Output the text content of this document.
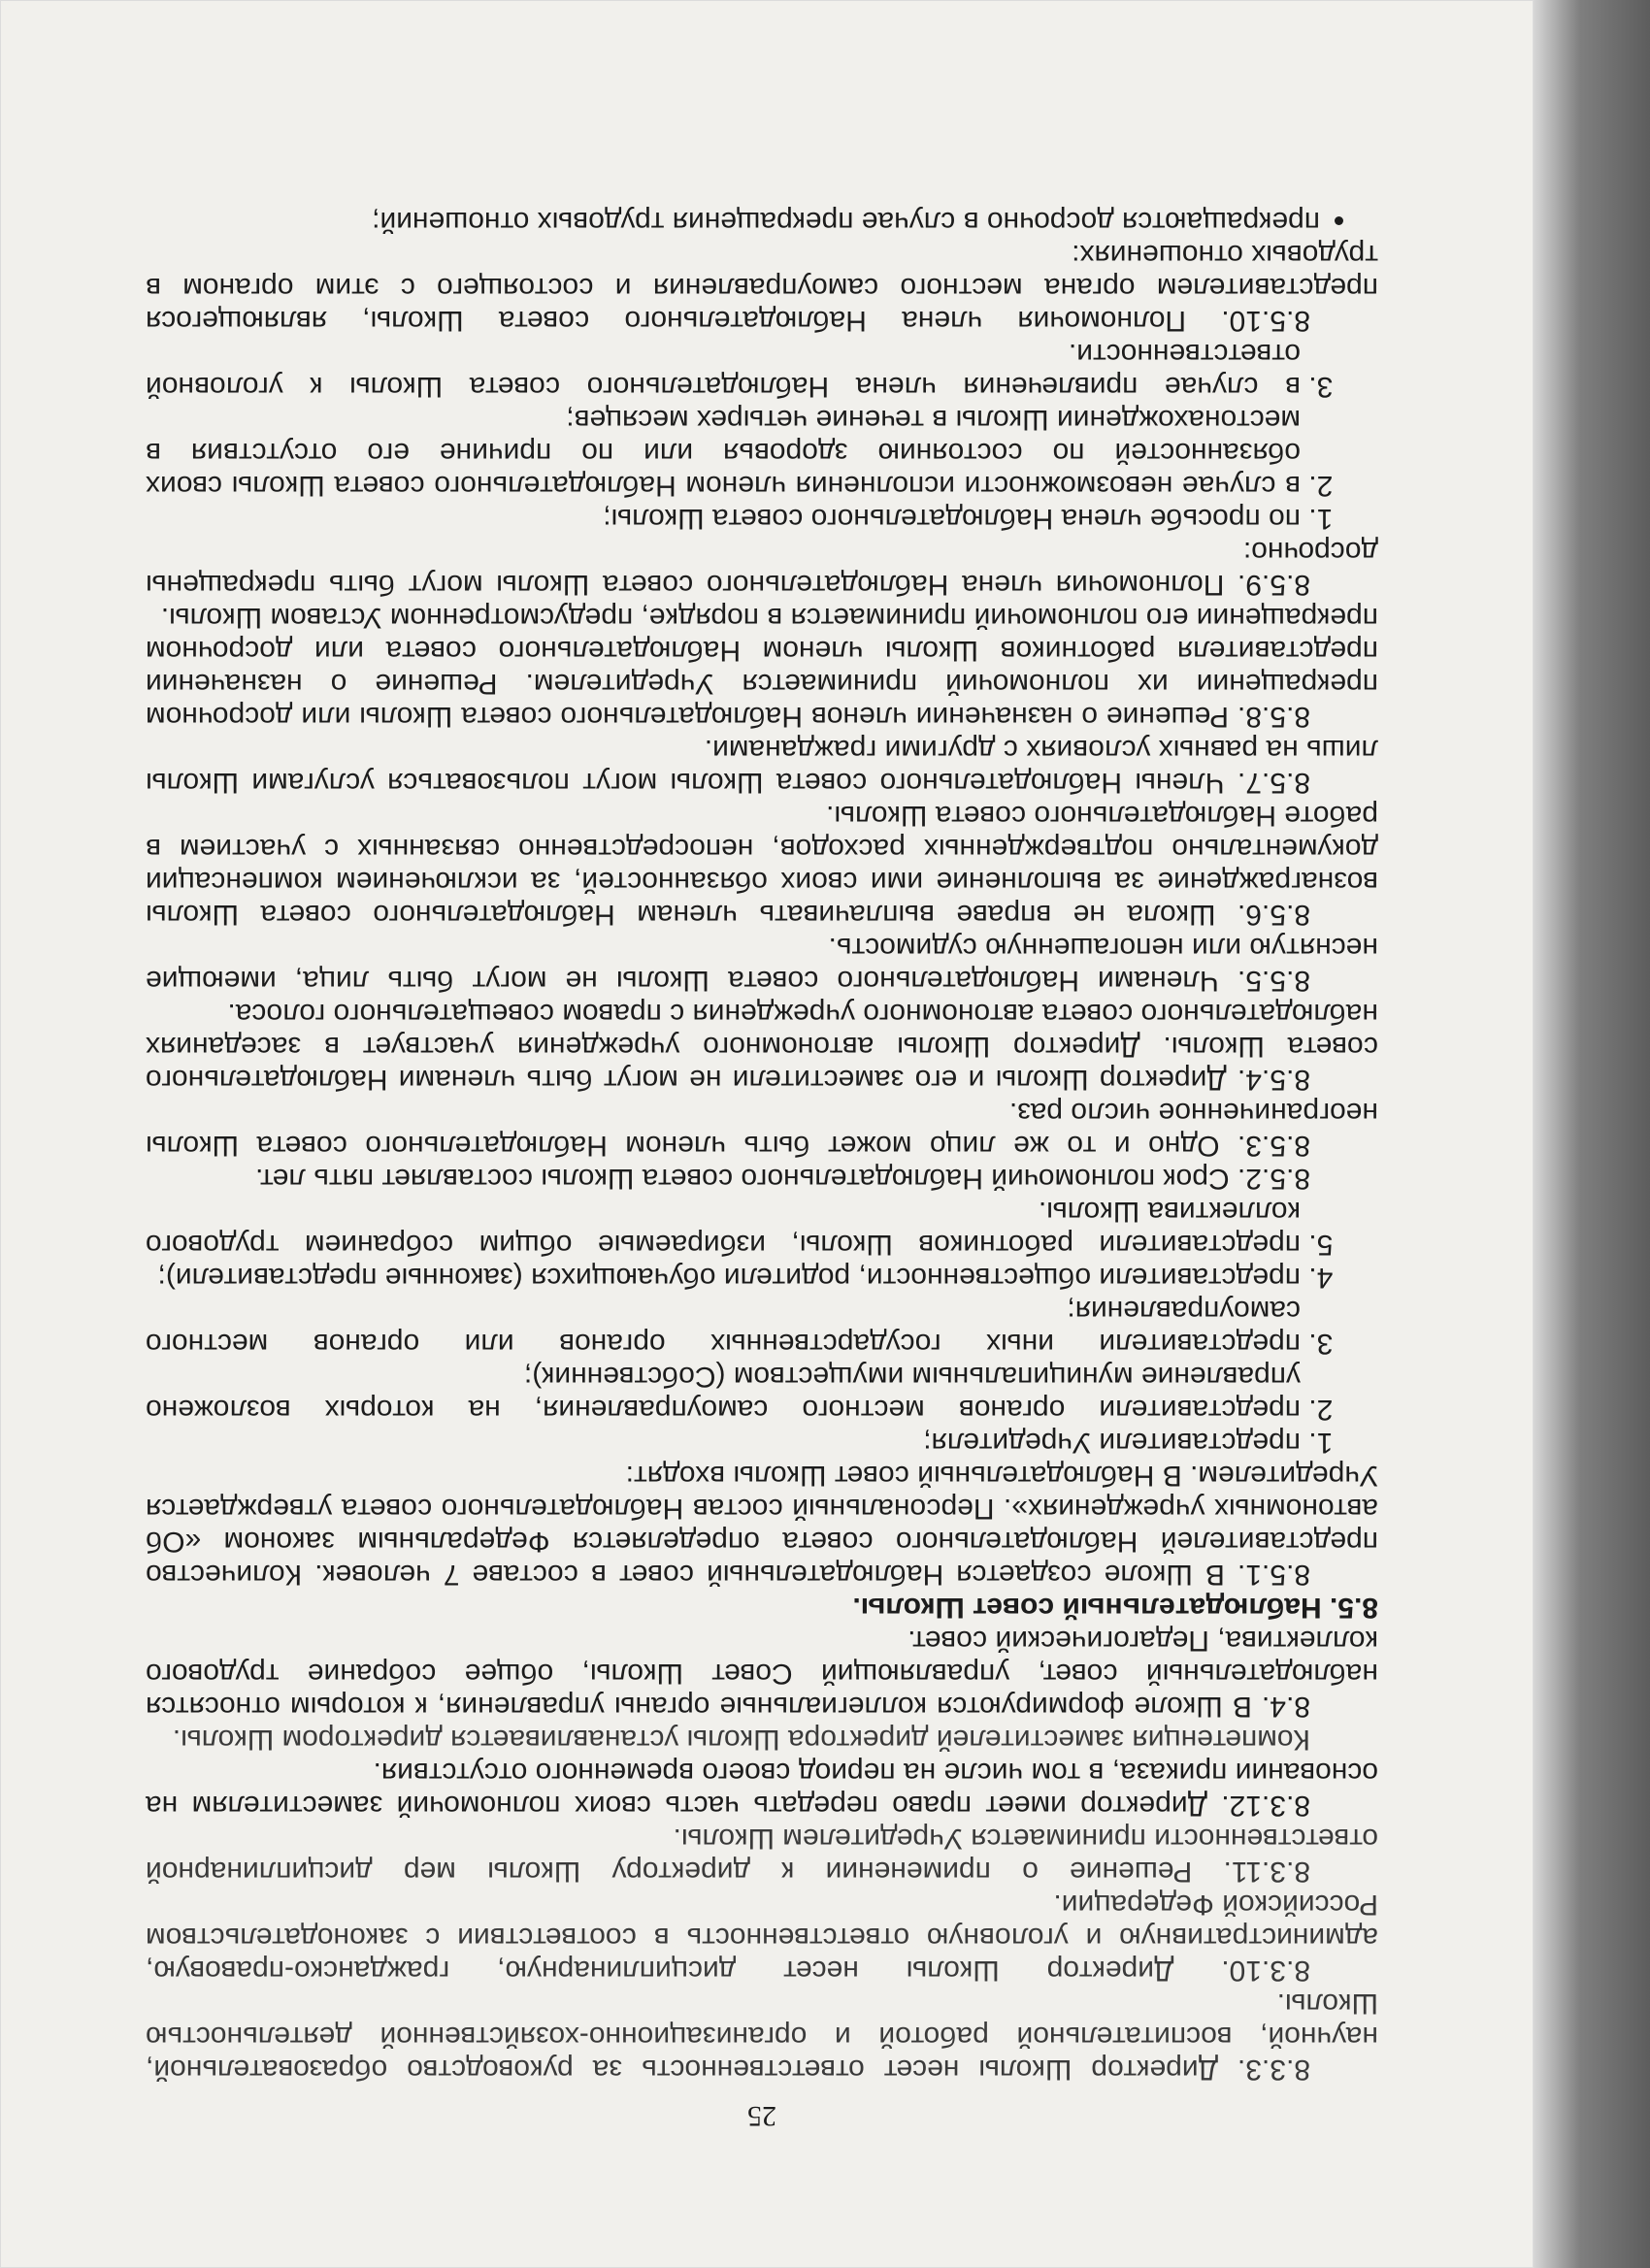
25

8.3.3. Директор Школы несет ответственность за руководство образовательной, научной, воспитательной работой и организационно-хозяйственной деятельностью Школы.

8.3.10. Директор Школы несет дисциплинарную, гражданско-правовую, административную и уголовную ответственность в соответствии с законодательством Российской Федерации.

8.3.11. Решение о применении к директору Школы мер дисциплинарной ответственности принимается Учредителем Школы.

8.3.12. Директор имеет право передать часть своих полномочий заместителям на основании приказа, в том числе на период своего временного отсутствия.

Компетенция заместителей директора Школы устанавливается директором Школы.

8.4. В Школе формируются коллегиальные органы управления, к которым относятся наблюдательный совет, управляющий Совет Школы, общее собрание трудового коллектива, Педагогический совет.

8.5. Наблюдательный совет Школы.

8.5.1. В Школе создается Наблюдательный совет в составе 7 человек. Количество представителей Наблюдательного совета определяется Федеральным законом «Об автономных учреждениях». Персональный состав Наблюдательного совета утверждается Учредителем. В Наблюдательный совет Школы входят:

1. представители Учредителя;
2. представители органов местного самоуправления, на которых возложено управление муниципальным имуществом (Собственник);
3. представители иных государственных органов или органов местного самоуправления;
4. представители общественности, родители обучающихся (законные представители);
5. представители работников Школы, избираемые общим собранием трудового коллектива Школы.

8.5.2. Срок полномочий Наблюдательного совета Школы составляет пять лет.

8.5.3. Одно и то же лицо может быть членом Наблюдательного совета Школы неограниченное число раз.

8.5.4. Директор Школы и его заместители не могут быть членами Наблюдательного совета Школы. Директор Школы автономного учреждения участвует в заседаниях наблюдательного совета автономного учреждения с правом совещательного голоса.

8.5.5. Членами Наблюдательного совета Школы не могут быть лица, имеющие неснятую или непогашенную судимость.

8.5.6. Школа не вправе выплачивать членам Наблюдательного совета Школы вознаграждение за выполнение ими своих обязанностей, за исключением компенсации документально подтвержденных расходов, непосредственно связанных с участием в работе Наблюдательного совета Школы.

8.5.7. Члены Наблюдательного совета Школы могут пользоваться услугами Школы лишь на равных условиях с другими гражданами.

8.5.8. Решение о назначении членов Наблюдательного совета Школы или досрочном прекращении их полномочий принимается Учредителем. Решение о назначении представителя работников Школы членом Наблюдательного совета или досрочном прекращении его полномочий принимается в порядке, предусмотренном Уставом Школы.

8.5.9. Полномочия члена Наблюдательного совета Школы могут быть прекращены досрочно:

1. по просьбе члена Наблюдательного совета Школы;
2. в случае невозможности исполнения членом Наблюдательного совета Школы своих обязанностей по состоянию здоровья или по причине его отсутствия в местонахождении Школы в течение четырех месяцев;
3. в случае привлечения члена Наблюдательного совета Школы к уголовной ответственности.

8.5.10. Полномочия члена Наблюдательного совета Школы, являющегося представителем органа местного самоуправления и состоящего с этим органом в трудовых отношениях:

• прекращаются досрочно в случае прекращения трудовых отношений;
